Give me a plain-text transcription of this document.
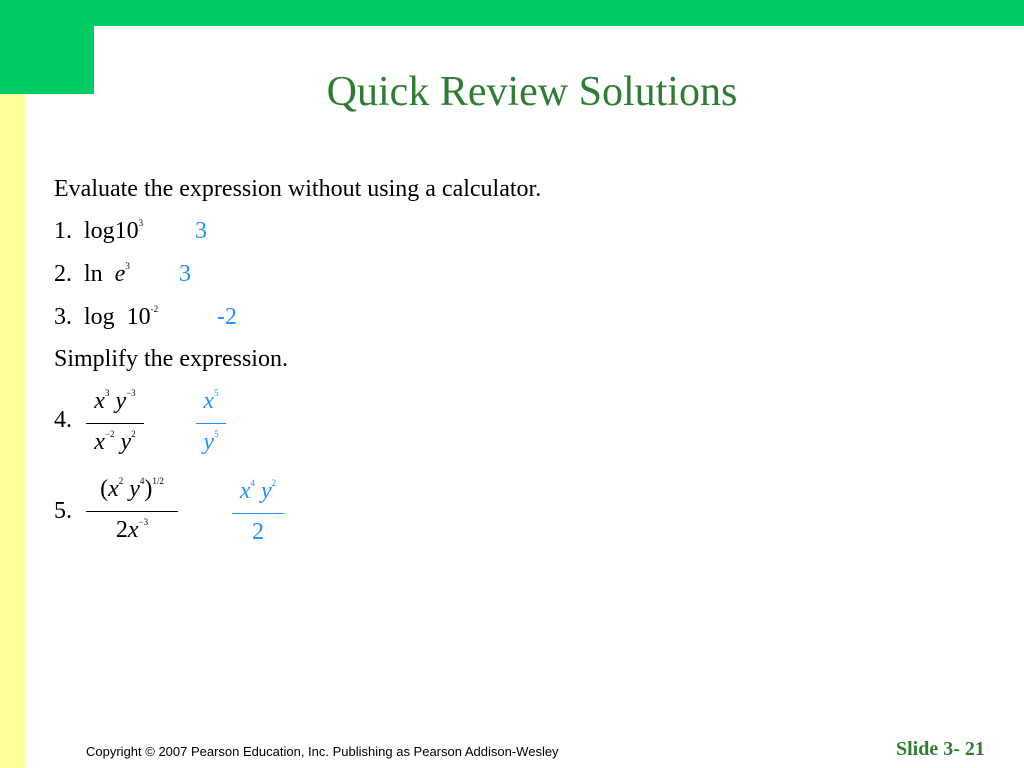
Quick Review Solutions
Evaluate the expression without using a calculator.
1. $\log 10^3$ 3
2. $\ln e^3$ 3
3. $\log 10^{-2}$ -2
Simplify the expression.
4.
$x^3$ $y^{-3}$
$x^{-2}$ $y^2$
$x^5$
$y^5$
5.
($x^2$ $y^4)^{1/2}$
$2x^{-3}$
$x^4$ $y^2$
2
Copyright © 2007 Pearson Education, Inc. Publishing as Pearson Addison-Wesley	Slide 3- 21
